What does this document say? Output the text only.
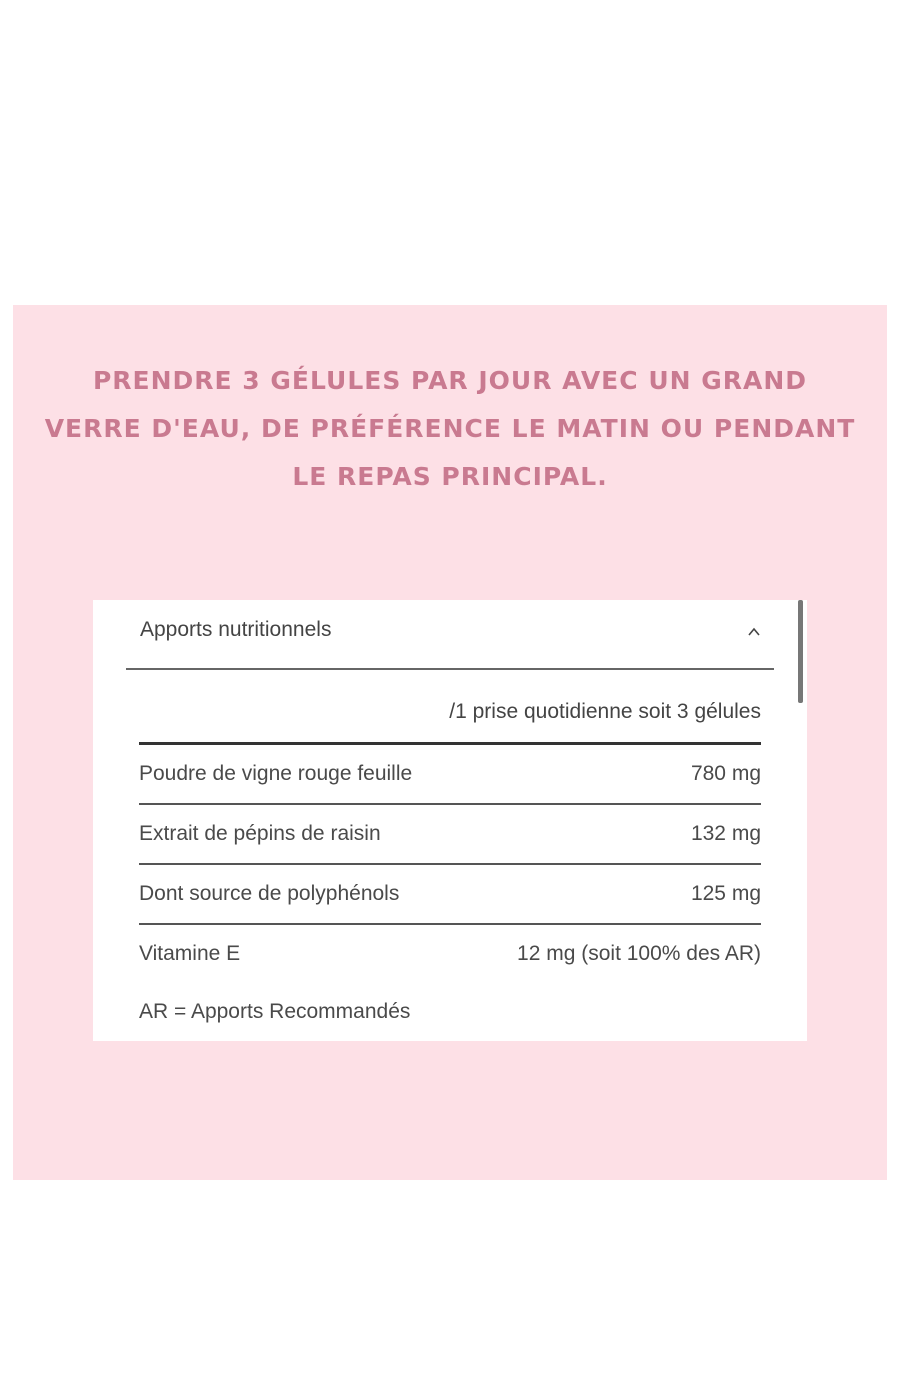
PRENDRE 3 GÉLULES PAR JOUR AVEC UN GRAND VERRE D'EAU, DE PRÉFÉRENCE LE MATIN OU PENDANT LE REPAS PRINCIPAL.
Apports nutritionnels
/1 prise quotidienne soit 3 gélules
Poudre de vigne rouge feuille	780 mg
Extrait de pépins de raisin	132 mg
Dont source de polyphénols	125 mg
Vitamine E	12 mg (soit 100% des AR)
AR = Apports Recommandés
